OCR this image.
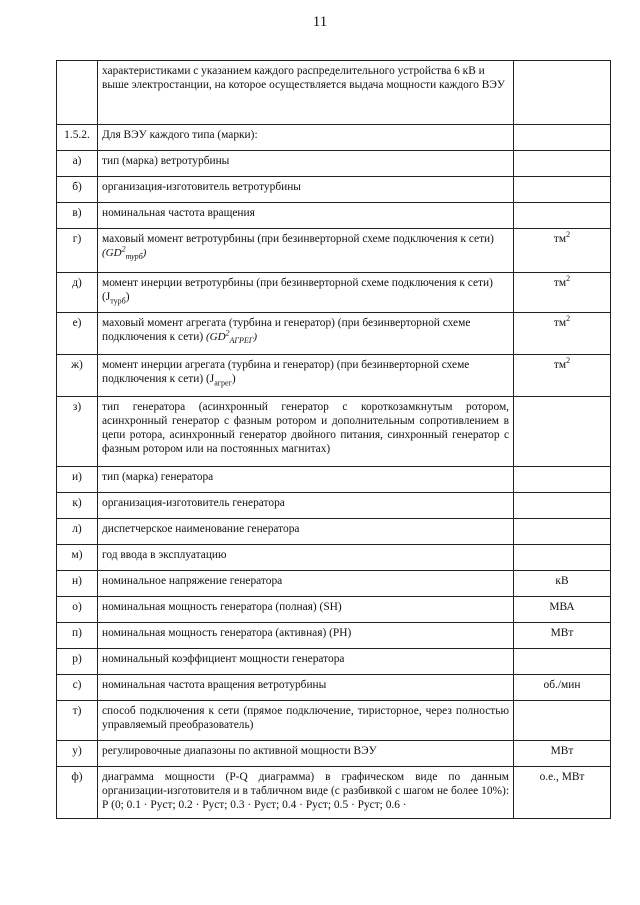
11
	характеристиками с указанием каждого распределительного устройства 6 кВ и выше электростанции, на которое осуществляется выдача мощности каждого ВЭУ	
1.5.2.	Для ВЭУ каждого типа (марки):	
а)	тип (марка) ветротурбины	
б)	организация-изготовитель ветротурбины	
в)	номинальная частота вращения	
г)	маховый момент ветротурбины (при безинверторной схеме подключения к сети) $(GD^2_{турб})$	$тм^2$
д)	момент инерции ветротурбины (при безинверторной схеме подключения к сети) $(J_{турб})$	$тм^2$
е)	маховый момент агрегата (турбина и генератор) (при безинверторной схеме подключения к сети) $(GD^2_{АГРЕГ})$	$тм^2$
ж)	момент инерции агрегата (турбина и генератор) (при безинверторной схеме подключения к сети) $(J_{агрег})$	$тм^2$
з)	тип генератора (асинхронный генератор с короткозамкнутым ротором, асинхронный генератор с фазным ротором и дополнительным сопротивлением в цепи ротора, асинхронный генератор двойного питания, синхронный генератор с фазным ротором или на постоянных магнитах)	
и)	тип (марка) генератора	
к)	организация-изготовитель генератора	
л)	диспетчерское наименование генератора	
м)	год ввода в эксплуатацию	
н)	номинальное напряжение генератора	кВ
о)	номинальная мощность генератора (полная) (SН)	МВА
п)	номинальная мощность генератора (активная) (РН)	МВт
р)	номинальный коэффициент мощности генератора	
с)	номинальная частота вращения ветротурбины	об./мин
т)	способ подключения к сети (прямое подключение, тиристорное, через полностью управляемый преобразователь)	
у)	регулировочные диапазоны по активной мощности ВЭУ	МВт
ф)	диаграмма мощности (P-Q диаграмма) в графическом виде по данным организации-изготовителя и в табличном виде (с разбивкой с шагом не более 10%): Р (0; 0.1 · Руст; 0.2 · Руст; 0.3 · Руст; 0.4 · Руст; 0.5 · Руст; 0.6 ·	о.е., МВт
